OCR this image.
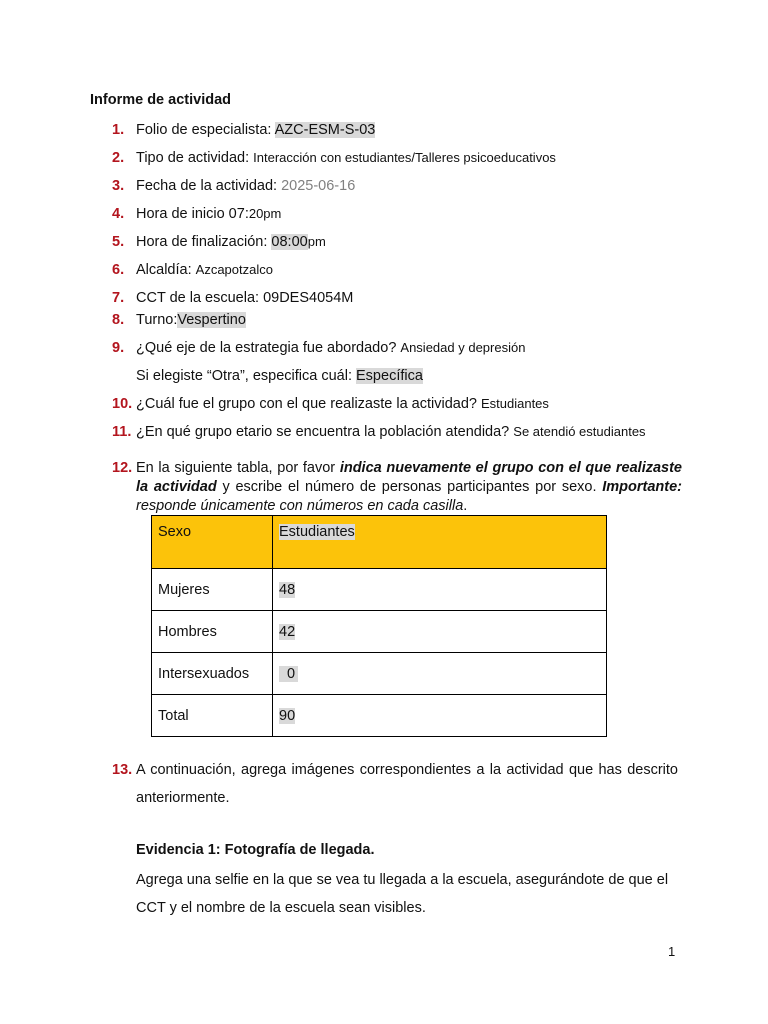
Informe de actividad
1. Folio de especialista: AZC-ESM-S-03
2. Tipo de actividad: Interacción con estudiantes/Talleres psicoeducativos
3. Fecha de la actividad: 2025-06-16
4. Hora de inicio 07:20pm
5. Hora de finalización: 08:00pm
6. Alcaldía: Azcapotzalco
7. CCT de la escuela: 09DES4054M
8. Turno:Vespertino
9. ¿Qué eje de la estrategia fue abordado? Ansiedad y depresión
Si elegiste “Otra”, especifica cuál: Específica
10. ¿Cuál fue el grupo con el que realizaste la actividad? Estudiantes
11. ¿En qué grupo etario se encuentra la población atendida? Se atendió estudiantes
12. En la siguiente tabla, por favor indica nuevamente el grupo con el que realizaste la actividad y escribe el número de personas participantes por sexo. Importante: responde únicamente con números en cada casilla.
Sexo	Estudiantes
Mujeres	48
Hombres	42
Intersexuados	0
Total	90
13. A continuación, agrega imágenes correspondientes a la actividad que has descrito anteriormente.
Evidencia 1: Fotografía de llegada.
Agrega una selfie en la que se vea tu llegada a la escuela, asegurándote de que el CCT y el nombre de la escuela sean visibles.
1
